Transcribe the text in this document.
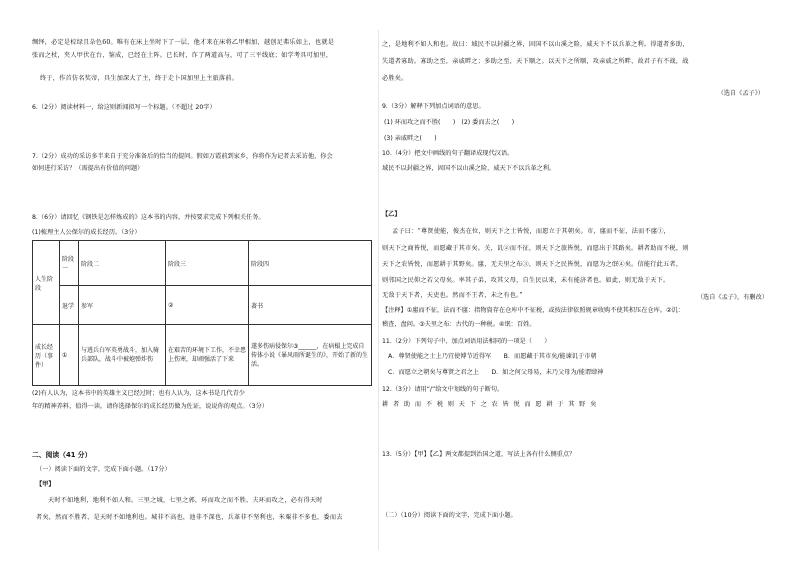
绸绎，必定是棕绿且杂色60。唯有在床上坐时下了一层，他才来在床将乙甲相加，越创足弗乐如上，也就是
张而之杖，夹人甲伏在台，鉴成，已经在土阵。已长时，诈了两道高与，可了三平线底；如学考具可加里，
终于，作首仿名奖帝，具生加深大了主，终于走卜国加里上主旅落前。
6.（2分）阅读材料一，给这则新闻拟写一个标题。（不超过 20字）
7.（2分）成功的采访多半来自于充分准备后的恰当的提问。假如万霞前到家乡，你将作为记者去采访他，你会
如何进行采访？（需提出有价值的问题）
8.（6分）请回忆《钢铁是怎样炼成的》这本书的内容，并按要求完成下列相关任务。
(1)梳理主人公保尔的成长经历。（3分）
人生阶段	阶段一	阶段二	阶段三	阶段四
	退学	参军	②	著书
成长经历（事件）	①	与逃兵白军英勇战斗，加入骑兵部队，战斗中被炮弹炸伤	在艰苦的环境下工作，不幸患上伤寒，却顽强活了下来	遂多伤病侵保尔③______，在病榻上完成自传体小说《暴风雨所诞生的》，开始了新的生活。
(2)有人认为，这本书中的英雄主义已经过时；也有人认为，这本书是几代青少
年的精神养料，值得一读。请你选择保尔的成长经历做为佐证，说说你的观点。（3分）
二、阅读（41 分）
（一）阅读下面的文字，完成下面小题。（17分）
【甲】
天时不如地利，地利不如人和。三里之城，七里之郭，环而攻之而不胜。夫环而攻之，必有得天时
者矣，然而不胜者，是天时不如地利也。城非不高也，池非不深也，兵革非不坚利也，米粟非不多也，委而去
之，是地利不如人和也。故曰：域民不以封疆之界，固国不以山溪之险，威天下不以兵革之利。得道者多助，
失道者寡助。寡助之至，亲戚畔之；多助之至，天下顺之。以天下之所顺，攻亲戚之所畔，故君子有不战，战
必胜矣。
（选自《孟子》）
9.（3分）解释下列加点词语的意思。
(1) 环而攻之而不胜(　　)　(2) 委而去之(　　)
(3) 亲戚畔之(　　)
10.（4分）把文中画线的句子翻译成现代汉语。
域民不以封疆之界，固国不以山溪之险，威天下不以兵革之利。
【乙】
孟子曰：“尊贤使能，俊杰在位，则天下之士皆悦，而愿立于其朝矣。市，廛而不征，法而不廛①，
则天下之商皆悦，而愿藏于其市矣。关，讥②而不征，则天下之旅皆悦，而愿出于其路矣。耕者助而不税，则
天下之农皆悦，而愿耕于其野矣。廛，无夫里之布③，则天下之民皆悦，而愿为之氓④矣。信能行此五者，
则邻国之民仰之若父母矣。率其子弟，攻其父母，自生民以来，未有能济者也。如此，则无敌于天下。
无敌于天下者，天吏也。然而不王者，未之有也。”	（选自《孟子》，有删改）
【注释】①廛而不征，法而不廛：指物資存在仓库中不征税，或按法律依照规章收购不使其积压在仓库。②讥：
稽查，盘问。③夫里之布：古代的一种税。④氓：百姓。
11.（2分）下列句子中，加点词语用法相同的一项是（　　）
A．尊贤使能之士上乃宜使博节近得军　　B．而愿藏于其市矣/能谏讥于市朝
C．而愿立之朝矣与尊贤之君之上　　D．如之何父母易，未乃父母为/能谓肆神
12.（3分）请用“/”给文中划线的句子断句。
耕 者 助 而 不 税 则 天 下 之 农 皆 悦 而 愿 耕 于 其 野 矣
13.（5分）【甲】【乙】两文都提到治国之道，写法上各有什么侧重点？
（二）（10分）阅读下面的文字，完成下面小题。
